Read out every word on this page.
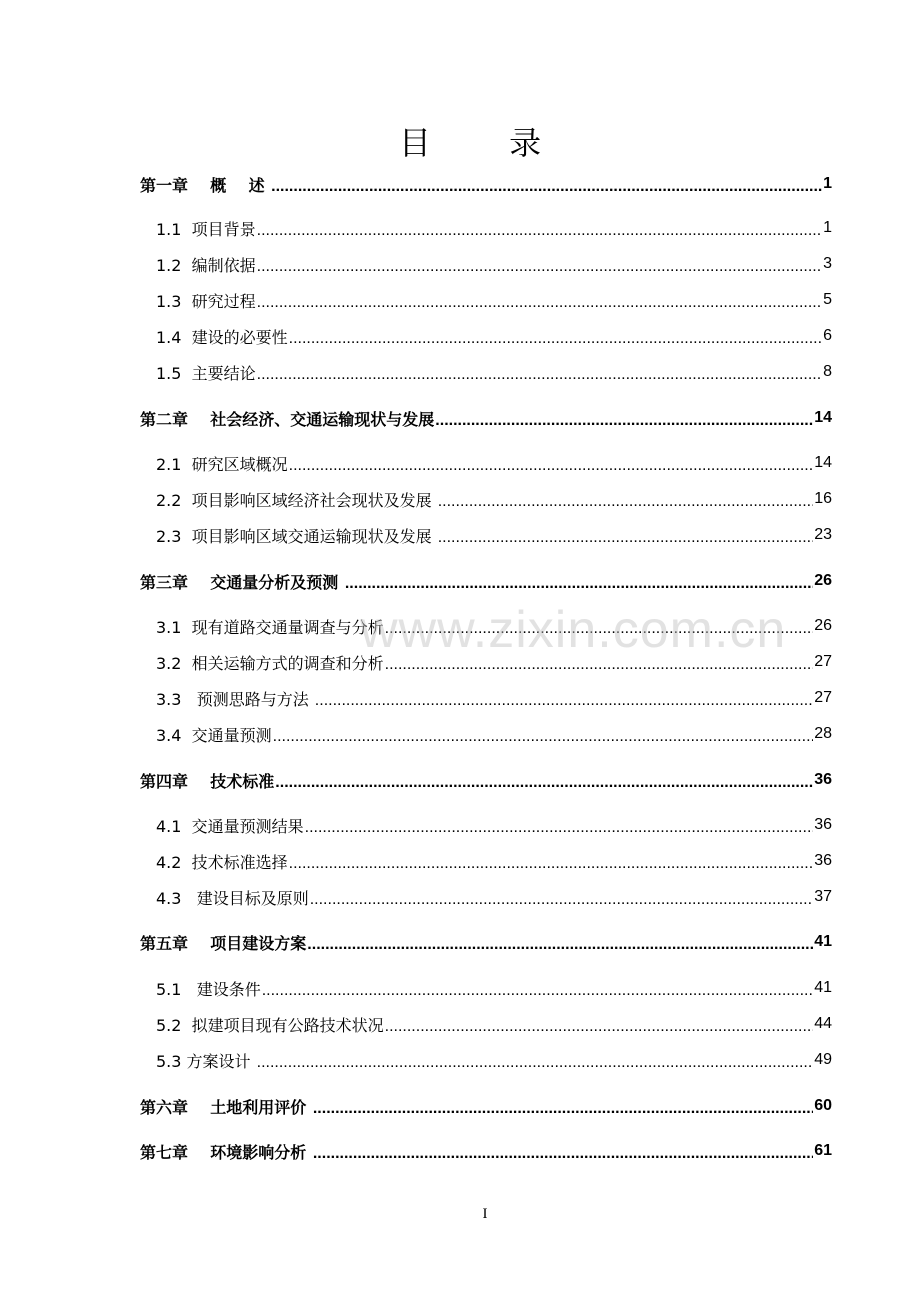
目 录
第一章    概    述 .....	1
1.1  项目背景 .....	1
1.2  编制依据 .....	3
1.3  研究过程 .....	5
1.4  建设的必要性 .....	6
1.5  主要结论 .....	8
第二章    社会经济、交通运输现状与发展 .....	14
2.1  研究区域概况 .....	14
2.2  项目影响区域经济社会现状及发展 .....	16
2.3  项目影响区域交通运输现状及发展 .....	23
第三章    交通量分析及预测 .....	26
3.1  现有道路交通量调查与分析 .....	26
3.2  相关运输方式的调查和分析 .....	27
3.3   预测思路与方法 .....	27
3.4  交通量预测 .....	28
第四章    技术标准 .....	36
4.1  交通量预测结果 .....	36
4.2  技术标准选择 .....	36
4.3   建设目标及原则 .....	37
第五章    项目建设方案 .....	41
5.1   建设条件 .....	41
5.2  拟建项目现有公路技术状况 .....	44
5.3 方案设计 .....	49
第六章    土地利用评价 .....	60
第七章    环境影响分析 .....	61
www.zixin.com.cn
I
